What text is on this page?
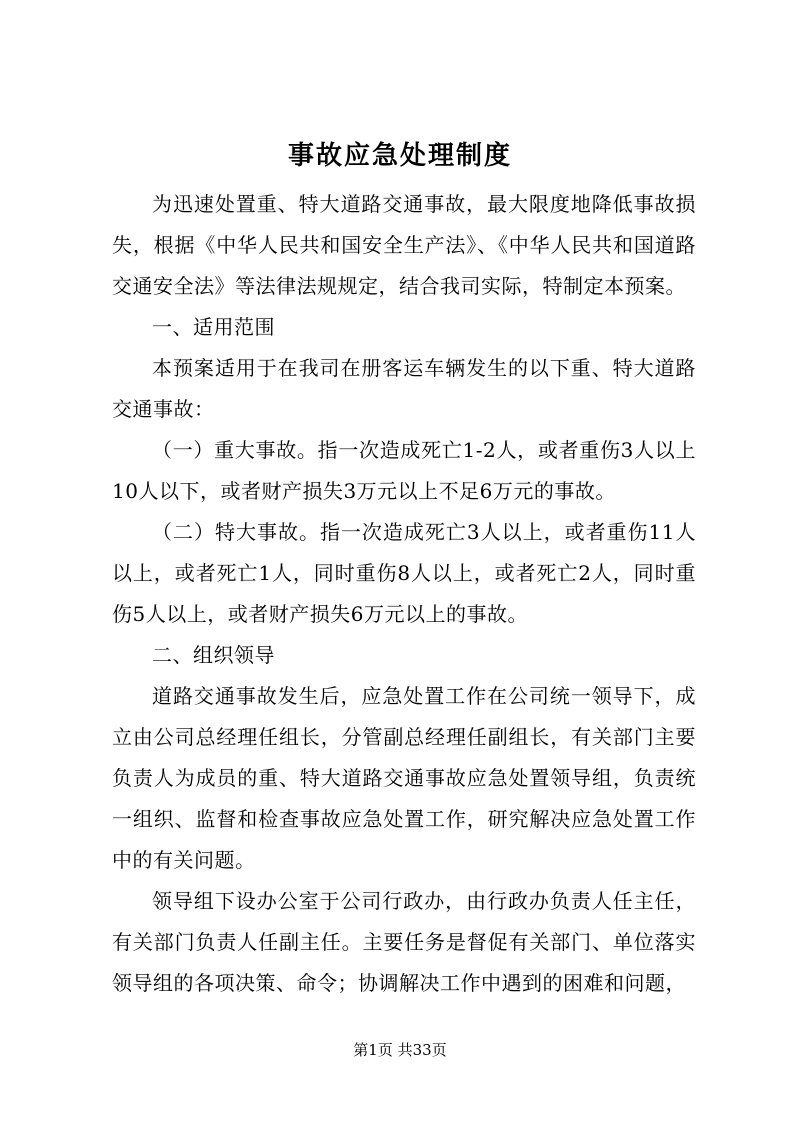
事故应急处理制度

为迅速处置重、特大道路交通事故，最大限度地降低事故损失，根据《中华人民共和国安全生产法》、《中华人民共和国道路交通安全法》等法律法规规定，结合我司实际，特制定本预案。

一、适用范围

本预案适用于在我司在册客运车辆发生的以下重、特大道路交通事故：

（一）重大事故。指一次造成死亡1-2人，或者重伤3人以上10人以下，或者财产损失3万元以上不足6万元的事故。

（二）特大事故。指一次造成死亡3人以上，或者重伤11人以上，或者死亡1人，同时重伤8人以上，或者死亡2人，同时重伤5人以上，或者财产损失6万元以上的事故。

二、组织领导

道路交通事故发生后，应急处置工作在公司统一领导下，成立由公司总经理任组长，分管副总经理任副组长，有关部门主要负责人为成员的重、特大道路交通事故应急处置领导组，负责统一组织、监督和检查事故应急处置工作，研究解决应急处置工作中的有关问题。

领导组下设办公室于公司行政办，由行政办负责人任主任，有关部门负责人任副主任。主要任务是督促有关部门、单位落实领导组的各项决策、命令；协调解决工作中遇到的困难和问题，

第1页 共33页
